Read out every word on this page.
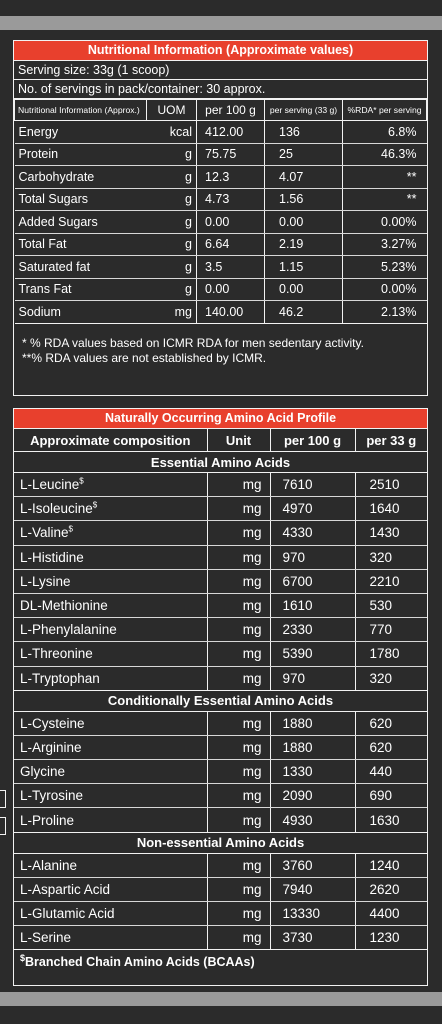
Nutritional Information (Approximate values)
Serving size: 33g (1 scoop)
No. of servings in pack/container: 30 approx.
Nutritional Information (Approx.)	UOM	per 100 g	per serving (33 g)	%RDA* per serving
Energy	kcal	412.00	136	6.8%
Protein	g	75.75	25	46.3%
Carbohydrate	g	12.3	4.07	**
Total Sugars	g	4.73	1.56	**
Added Sugars	g	0.00	0.00	0.00%
Total Fat	g	6.64	2.19	3.27%
Saturated fat	g	3.5	1.15	5.23%
Trans Fat	g	0.00	0.00	0.00%
Sodium	mg	140.00	46.2	2.13%
* % RDA values based on ICMR RDA for men sedentary activity.
**% RDA values are not established by ICMR.
Naturally Occurring Amino Acid Profile
Approximate composition	Unit	per 100 g	per 33 g
Essential Amino Acids			
L-Leucine$	mg	7610	2510
L-Isoleucine$	mg	4970	1640
L-Valine$	mg	4330	1430
L-Histidine	mg	970	320
L-Lysine	mg	6700	2210
DL-Methionine	mg	1610	530
L-Phenylalanine	mg	2330	770
L-Threonine	mg	5390	1780
L-Tryptophan	mg	970	320
Conditionally Essential Amino Acids			
L-Cysteine	mg	1880	620
L-Arginine	mg	1880	620
Glycine	mg	1330	440
L-Tyrosine	mg	2090	690
L-Proline	mg	4930	1630
Non-essential Amino Acids			
L-Alanine	mg	3760	1240
L-Aspartic Acid	mg	7940	2620
L-Glutamic Acid	mg	13330	4400
L-Serine	mg	3730	1230
$Branched Chain Amino Acids (BCAAs)
